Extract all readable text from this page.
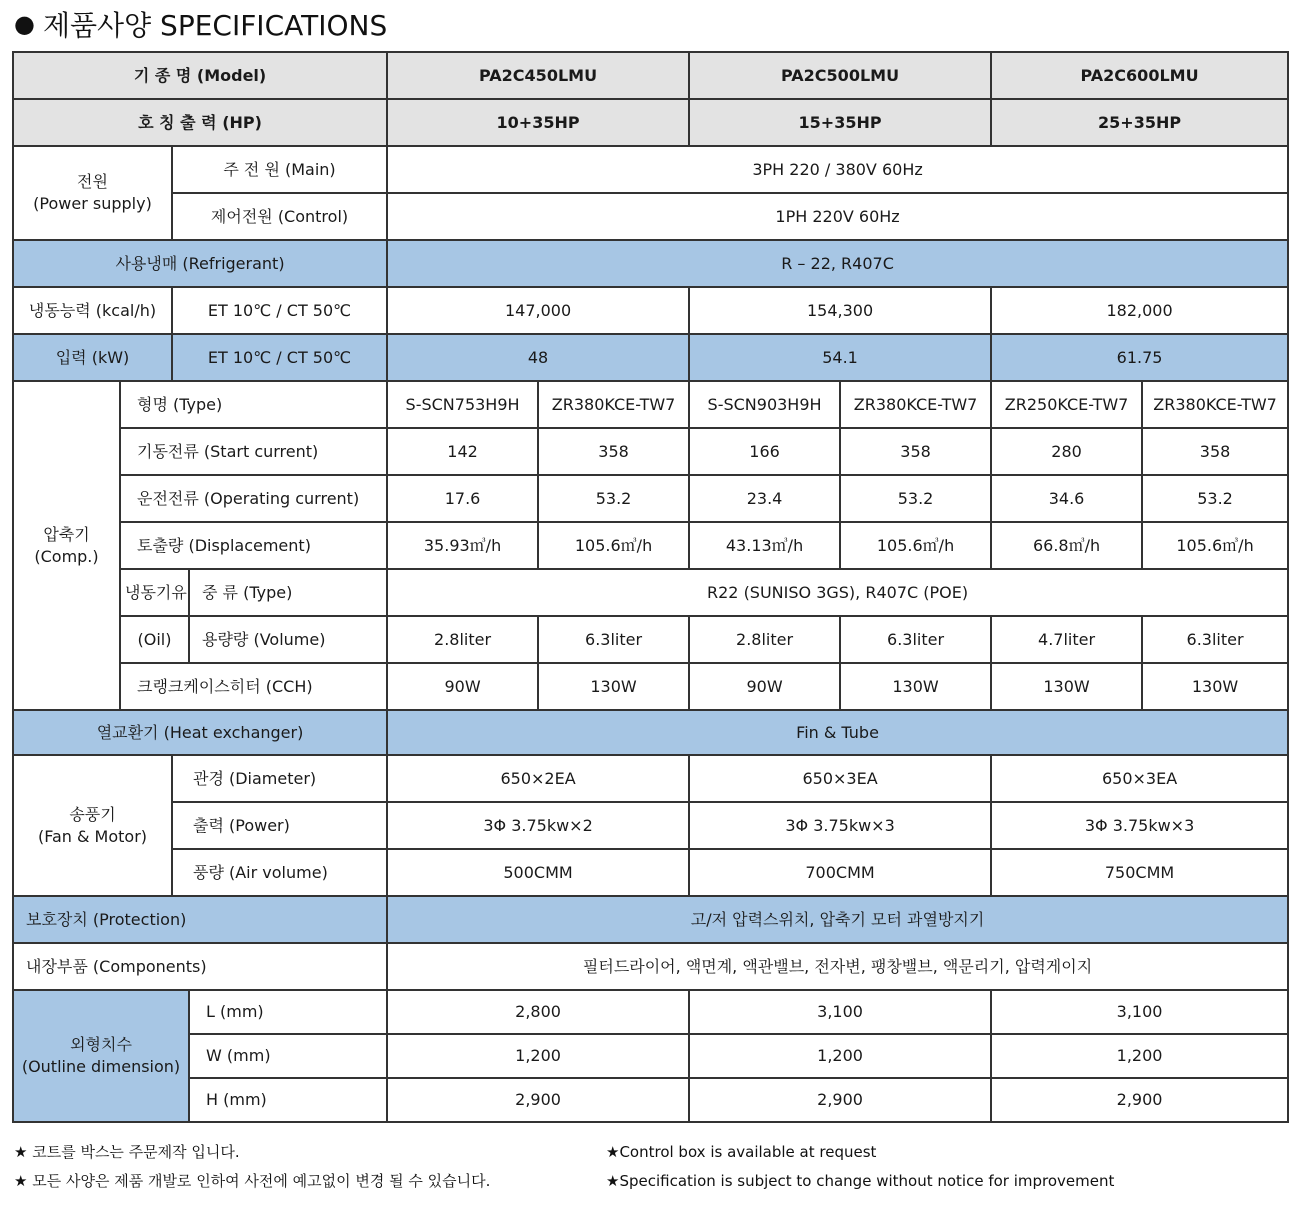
● 제품사양 SPECIFICATIONS
기 종 명 (Model)				PA2C450LMU		PA2C500LMU		PA2C600LMU	
호 칭 출 력 (HP)				10+35HP		15+35HP		25+35HP	

전원
(Power supply)		주 전 원 (Main)		3PH 220 / 380V 60Hz					
		제어전원 (Control)		1PH 220V 60Hz					
사용냉매 (Refrigerant)				R – 22, R407C					
냉동능력 (kcal/h)		ET 10℃ / CT 50℃		147,000		154,300		182,000	
입력 (kW)		ET 10℃ / CT 50℃		48		54.1		61.75	

압축기
(Comp.)	형명 (Type)			S-SCN753H9H	ZR380KCE-TW7	S-SCN903H9H	ZR380KCE-TW7	ZR250KCE-TW7	ZR380KCE-TW7
	기동전류 (Start current)			142	358	166	358	280	358
	운전전류 (Operating current)			17.6	53.2	23.4	53.2	34.6	53.2
	토출량 (Displacement)			35.93㎥/h	105.6㎥/h	43.13㎥/h	105.6㎥/h	66.8㎥/h	105.6㎥/h
	냉동기유		중 류 (Type)	R22 (SUNISO 3GS), R407C (POE)					
	(Oil)		용량량 (Volume)	2.8liter	6.3liter	2.8liter	6.3liter	4.7liter	6.3liter
	크랭크케이스히터 (CCH)			90W	130W	90W	130W	130W	130W
열교환기 (Heat exchanger)				Fin & Tube					

송풍기
(Fan & Motor)		관경 (Diameter)		650×2EA		650×3EA		650×3EA	
		출력 (Power)		3Φ 3.75kw×2		3Φ 3.75kw×3		3Φ 3.75kw×3	
		풍량 (Air volume)		500CMM		700CMM		750CMM	
보호장치 (Protection)				고/저 압력스위치, 압축기 모터 과열방지기					
내장부품 (Components)				필터드라이어, 액면계, 액관밸브, 전자변, 팽창밸브, 액문리기, 압력게이지					

외형치수
(Outline dimension)			L (mm)	2,800		3,100		3,100	
			W (mm)	1,200		1,200		1,200	
			H (mm)	2,900		2,900		2,900	
★ 코트를 박스는 주문제작 입니다.
★ 모든 사양은 제품 개발로 인하여 사전에 예고없이 변경 될 수 있습니다.
★Control box is available at request
★Specification is subject to change without notice for improvement
